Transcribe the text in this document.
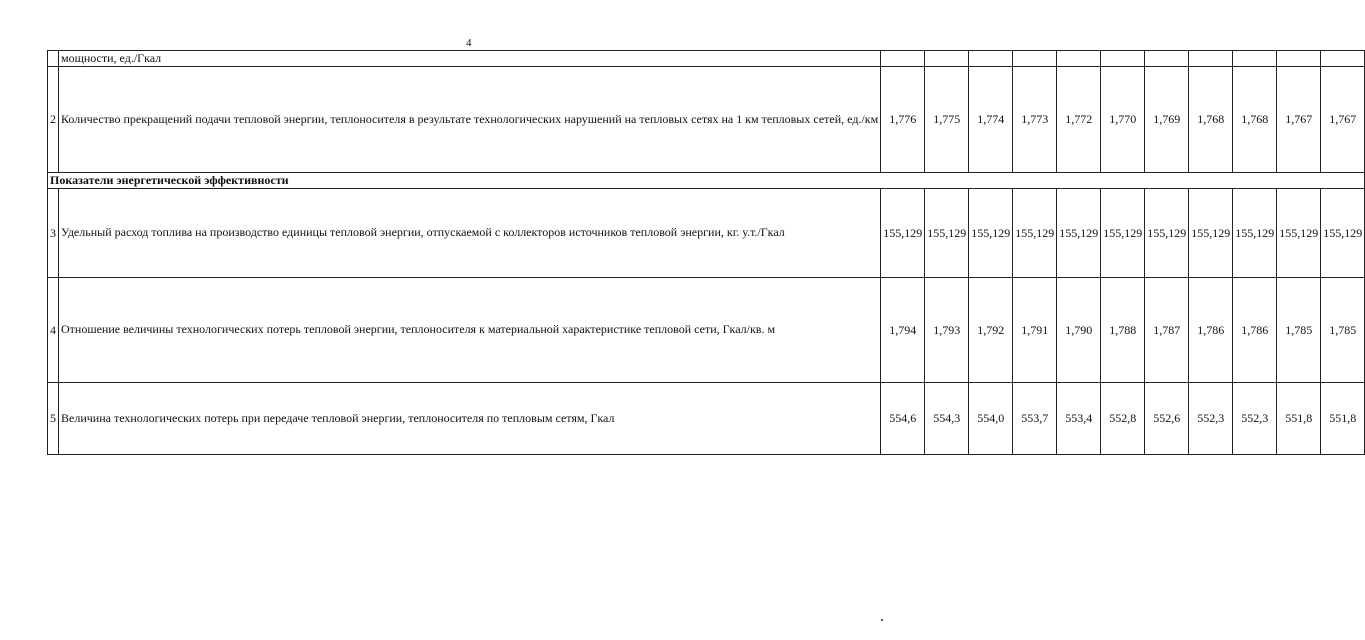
4
	мощности, ед./Гкал											
2	Количество прекращений подачи тепловой энергии, теплоносителя в результате технологических нарушений на тепловых сетях на 1 км тепловых сетей, ед./км	1,776	1,775	1,774	1,773	1,772	1,770	1,769	1,768	1,768	1,767	1,767
Показатели энергетической эффективности												
3	Удельный расход топлива на производство единицы тепловой энергии, отпускаемой с коллекторов источников тепловой энергии, кг. у.т./Гкал	155,129	155,129	155,129	155,129	155,129	155,129	155,129	155,129	155,129	155,129	155,129
4	Отношение величины технологических потерь тепловой энергии, теплоносителя к материальной характеристике тепловой сети, Гкал/кв. м	1,794	1,793	1,792	1,791	1,790	1,788	1,787	1,786	1,786	1,785	1,785
5	Величина технологических потерь при передаче тепловой энергии, теплоносителя по тепловым сетям, Гкал	554,6	554,3	554,0	553,7	553,4	552,8	552,6	552,3	552,3	551,8	551,8
